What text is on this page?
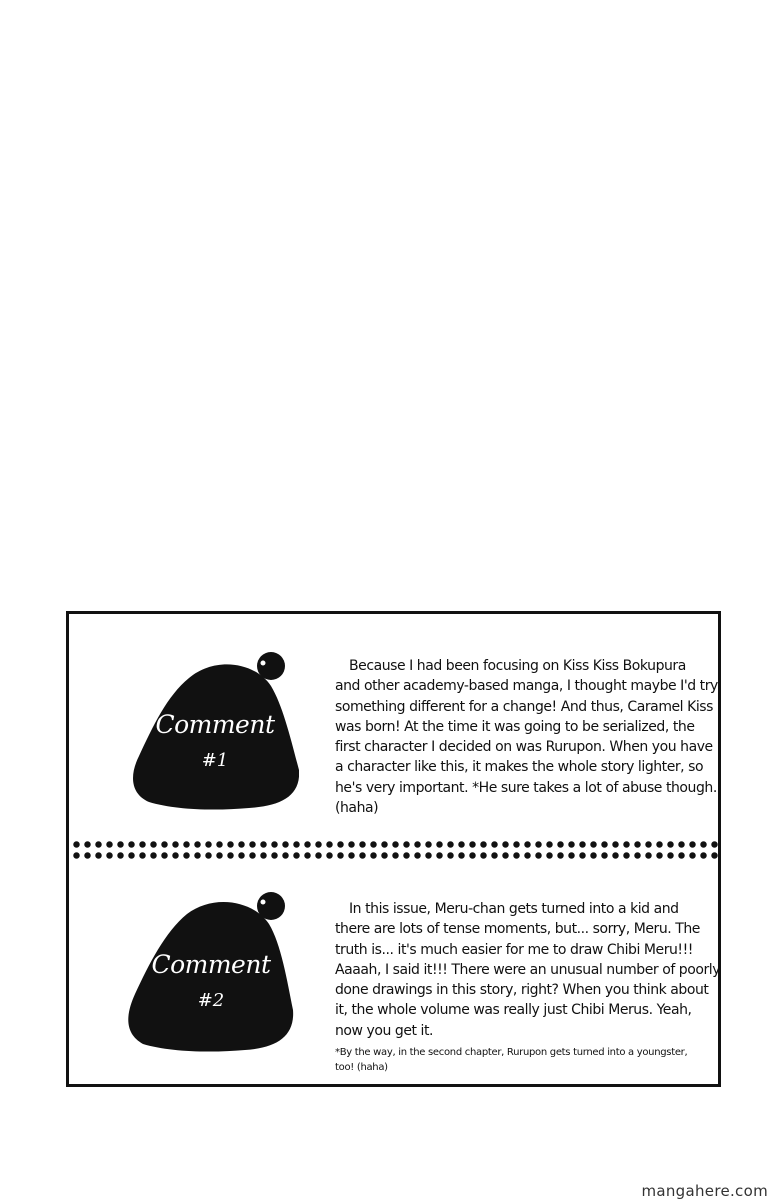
Comment
#1
Because I had been focusing on Kiss Kiss Bokupura
and other academy-based manga, I thought maybe I'd try
something different for a change! And thus, Caramel Kiss
was born! At the time it was going to be serialized, the
first character I decided on was Rurupon. When you have
a character like this, it makes the whole story lighter, so
he's very important. *He sure takes a lot of abuse though.
(haha)
Comment
#2
In this issue, Meru-chan gets turned into a kid and
there are lots of tense moments, but... sorry, Meru. The
truth is... it's much easier for me to draw Chibi Meru!!!
Aaaah, I said it!!! There were an unusual number of poorly
done drawings in this story, right? When you think about
it, the whole volume was really just Chibi Merus. Yeah,
now you get it.
*By the way, in the second chapter, Rurupon gets turned into a youngster,
too! (haha)
mangahere.com
